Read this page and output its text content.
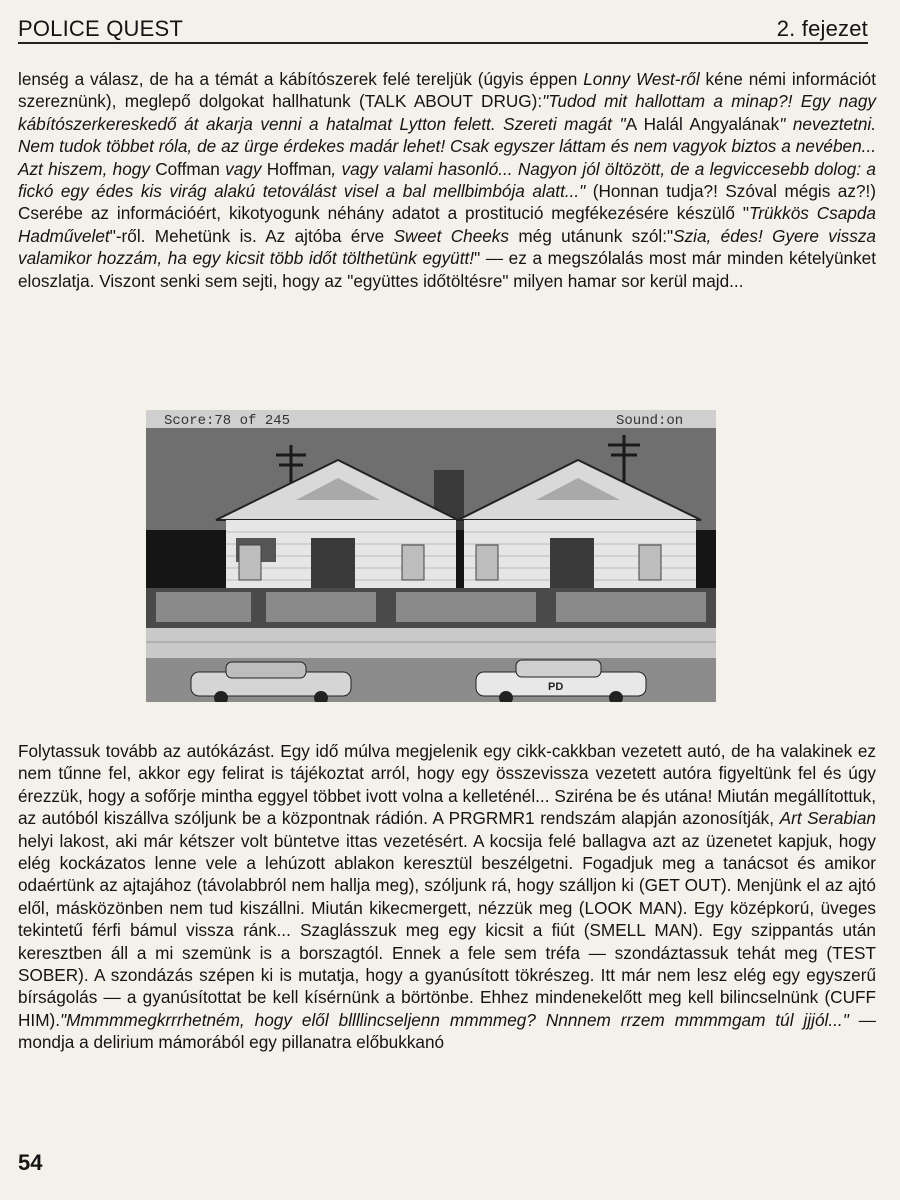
POLICE QUEST	2. fejezet

lenség a válasz, de ha a témát a kábítószerek felé tereljük (úgyis éppen Lonny West-ről kéne némi információt szereznünk), meglepő dolgokat hallhatunk (TALK ABOUT DRUG):"Tudod mit hallottam a minap?! Egy nagy kábítószerkereskedő át akarja venni a hatalmat Lytton felett. Szereti magát "A Halál Angyalának" neveztetni. Nem tudok többet róla, de az ürge érdekes madár lehet! Csak egyszer láttam és nem vagyok biztos a nevében... Azt hiszem, hogy Coffman vagy Hoffman, vagy valami hasonló... Nagyon jól öltözött, de a legviccesebb dolog: a fickó egy édes kis virág alakú tetoválást visel a bal mellbimbója alatt..." (Honnan tudja?! Szóval mégis az?!) Cserébe az információért, kikotyogunk néhány adatot a prostitució megfékezésére készülő "Trükkös Csapda Hadművelet"-ről. Mehetünk is. Az ajtóba érve Sweet Cheeks még utánunk szól:"Szia, édes! Gyere vissza valamikor hozzám, ha egy kicsit több időt tölthetünk együtt!" — ez a megszólalás most már minden kételyünket eloszlatja. Viszont senki sem sejti, hogy az "együttes időtöltésre" milyen hamar sor kerül majd...

Score:78 of 245	Sound:on
PD

Folytassuk tovább az autókázást. Egy idő múlva megjelenik egy cikk-cakkban vezetett autó, de ha valakinek ez nem tűnne fel, akkor egy felirat is tájékoztat arról, hogy egy összevissza vezetett autóra figyeltünk fel és úgy érezzük, hogy a sofőrje mintha eggyel többet ivott volna a kelleténél... Sziréna be és utána! Miután megállítottuk, az autóból kiszállva szóljunk be a központnak rádión. A PRGRMR1 rendszám alapján azonosítják, Art Serabian helyi lakost, aki már kétszer volt büntetve ittas vezetésért. A kocsija felé ballagva azt az üzenetet kapjuk, hogy elég kockázatos lenne vele a lehúzott ablakon keresztül beszélgetni. Fogadjuk meg a tanácsot és amikor odaértünk az ajtajához (távolabbról nem hallja meg), szóljunk rá, hogy szálljon ki (GET OUT). Menjünk el az ajtó elől, másközönben nem tud kiszállni. Miután kikecmergett, nézzük meg (LOOK MAN). Egy középkorú, üveges tekintetű férfi bámul vissza ránk... Szaglásszuk meg egy kicsit a fiút (SMELL MAN). Egy szippantás után keresztben áll a mi szemünk is a borszagtól. Ennek a fele sem tréfa — szondáztassuk tehát meg (TEST SOBER). A szondázás szépen ki is mutatja, hogy a gyanúsított tökrészeg. Itt már nem lesz elég egy egyszerű bírságolás — a gyanúsítottat be kell kísérnünk a börtönbe. Ehhez mindenekelőtt meg kell bilincselnünk (CUFF HIM)."Mmmmmegkrrrhetném, hogy elől bllllincseljenn mmmmeg? Nnnnem rrzem mmmmgam túl jjjól..." — mondja a delirium mámorából egy pillanatra előbukkanó

54
